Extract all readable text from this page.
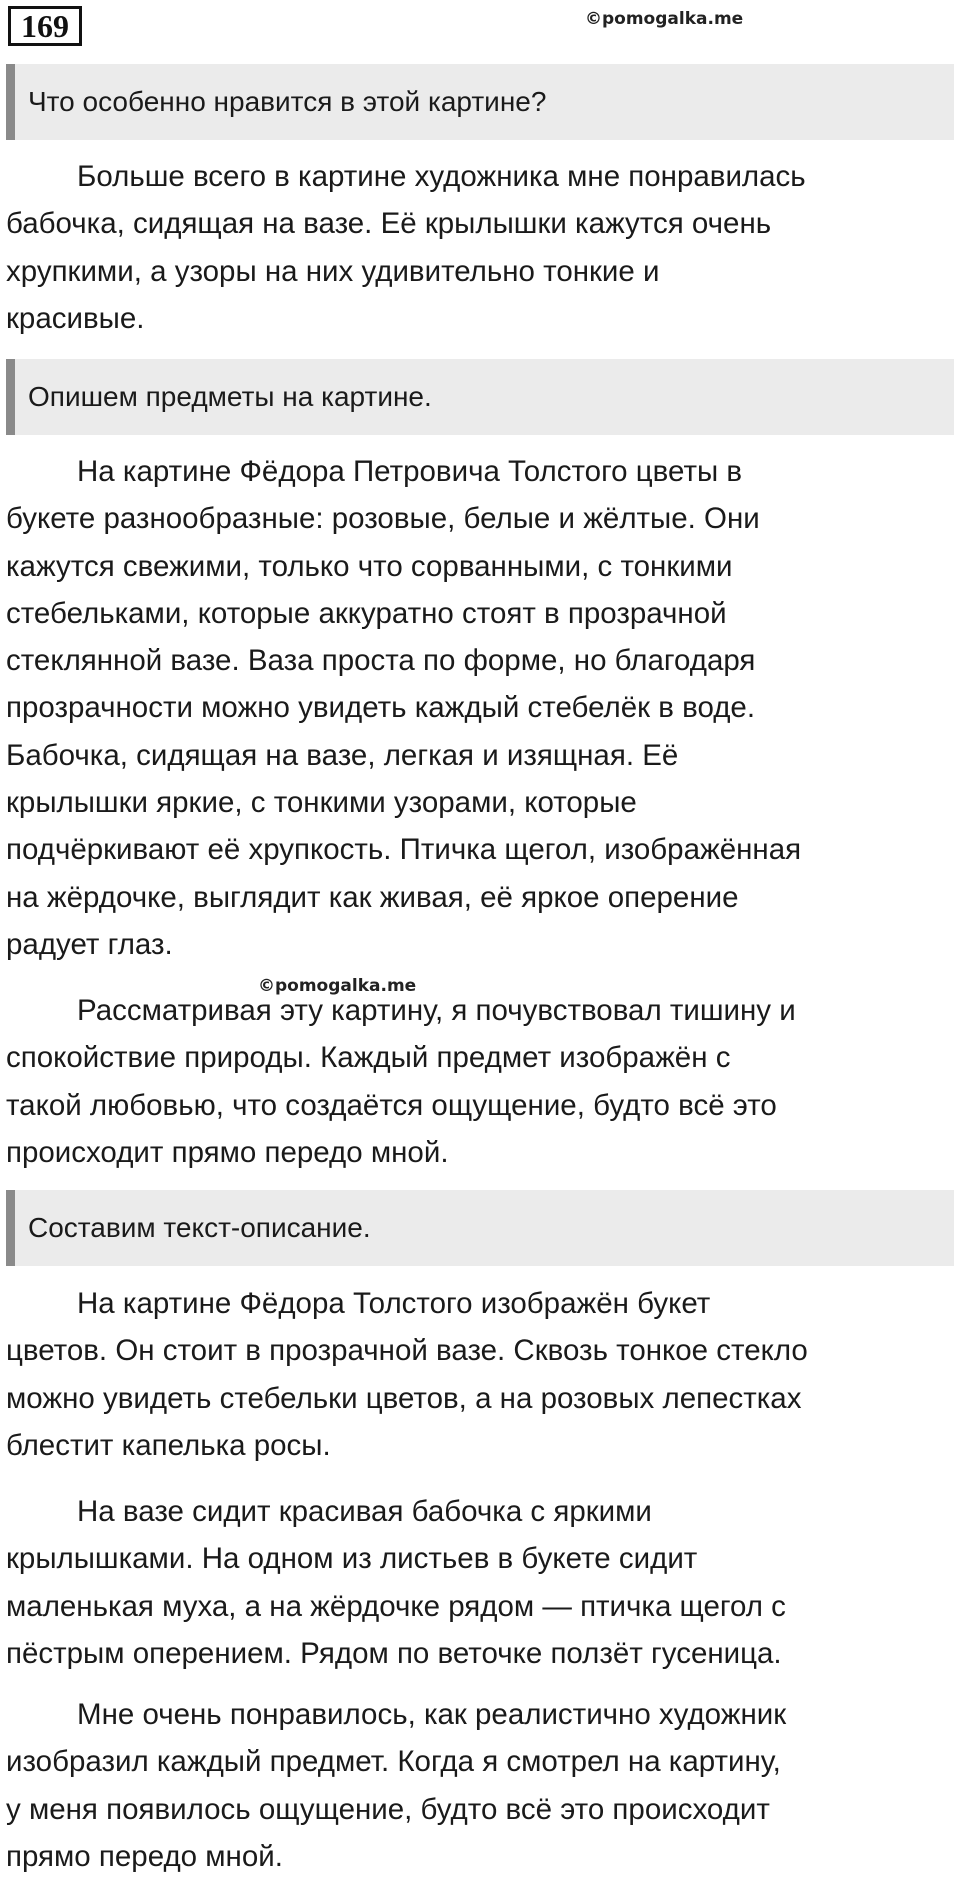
169	©pomogalka.me
Что особенно нравится в этой картине?

Больше всего в картине художника мне понравилась
бабочка, сидящая на вазе. Её крылышки кажутся очень
хрупкими, а узоры на них удивительно тонкие и
красивые.

Опишем предметы на картине.

На картине Фёдора Петровича Толстого цветы в
букете разнообразные: розовые, белые и жёлтые. Они
кажутся свежими, только что сорванными, с тонкими
стебельками, которые аккуратно стоят в прозрачной
стеклянной вазе. Ваза проста по форме, но благодаря
прозрачности можно увидеть каждый стебелёк в воде.
Бабочка, сидящая на вазе, легкая и изящная. Её
крылышки яркие, с тонкими узорами, которые
подчёркивают её хрупкость. Птичка щегол, изображённая
на жёрдочке, выглядит как живая, её яркое оперение
радует глаз.

©pomogalka.me

Рассматривая эту картину, я почувствовал тишину и
спокойствие природы. Каждый предмет изображён с
такой любовью, что создаётся ощущение, будто всё это
происходит прямо передо мной.

Составим текст-описание.

На картине Фёдора Толстого изображён букет
цветов. Он стоит в прозрачной вазе. Сквозь тонкое стекло
можно увидеть стебельки цветов, а на розовых лепестках
блестит капелька росы.

На вазе сидит красивая бабочка с яркими
крылышками. На одном из листьев в букете сидит
маленькая муха, а на жёрдочке рядом — птичка щегол с
пёстрым оперением. Рядом по веточке ползёт гусеница.

Мне очень понравилось, как реалистично художник
изобразил каждый предмет. Когда я смотрел на картину,
у меня появилось ощущение, будто всё это происходит
прямо передо мной.
